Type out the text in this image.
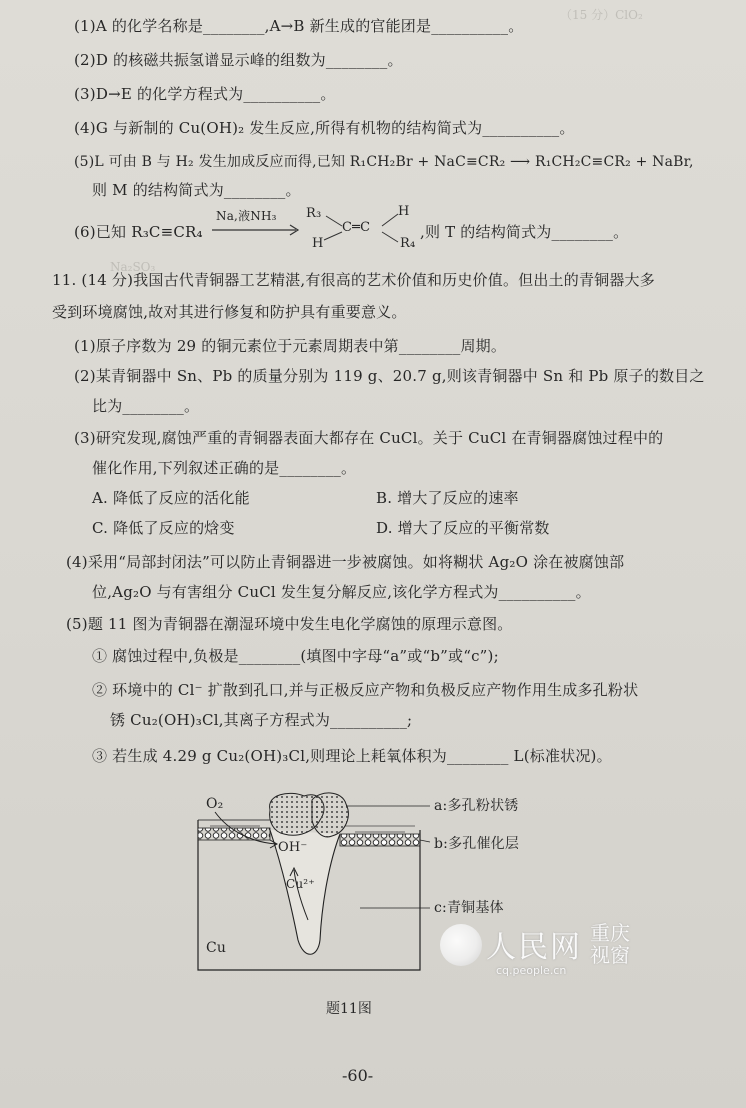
（15 分）ClO₂
Na₂SO₃
(1)A 的化学名称是________,A→B 新生成的官能团是__________。
(2)D 的核磁共振氢谱显示峰的组数为________。
(3)D→E 的化学方程式为__________。
(4)G 与新制的 Cu(OH)₂ 发生反应,所得有机物的结构简式为__________。
(5)L 可由 B 与 H₂ 发生加成反应而得,已知 R₁CH₂Br + NaC≡CR₂ ⟶ R₁CH₂C≡CR₂ + NaBr,
则 M 的结构简式为________。
(6)已知 R₃C≡CR₄
Na,液NH₃ R₃
H
C═C
H
R₄
,则 T 的结构简式为________。
11. (14 分)我国古代青铜器工艺精湛,有很高的艺术价值和历史价值。但出土的青铜器大多
受到环境腐蚀,故对其进行修复和防护具有重要意义。
(1)原子序数为 29 的铜元素位于元素周期表中第________周期。
(2)某青铜器中 Sn、Pb 的质量分别为 119 g、20.7 g,则该青铜器中 Sn 和 Pb 原子的数目之
比为________。
(3)研究发现,腐蚀严重的青铜器表面大都存在 CuCl。关于 CuCl 在青铜器腐蚀过程中的
催化作用,下列叙述正确的是________。
A. 降低了反应的活化能	B. 增大了反应的速率
C. 降低了反应的焓变	D. 增大了反应的平衡常数
(4)采用“局部封闭法”可以防止青铜器进一步被腐蚀。如将糊状 Ag₂O 涂在被腐蚀部
位,Ag₂O 与有害组分 CuCl 发生复分解反应,该化学方程式为__________。
(5)题 11 图为青铜器在潮湿环境中发生电化学腐蚀的原理示意图。
① 腐蚀过程中,负极是________(填图中字母“a”或“b”或“c”);
② 环境中的 Cl⁻ 扩散到孔口,并与正极反应产物和负极反应产物作用生成多孔粉状
锈 Cu₂(OH)₃Cl,其离子方程式为__________;
③ 若生成 4.29 g Cu₂(OH)₃Cl,则理论上耗氧体积为________ L(标准状况)。
O₂
OH⁻
Cu²⁺
Cu
a:多孔粉状锈
b:多孔催化层
c:青铜基体
题11图
-60-
人民网 重庆 视窗
cq.people.cn
